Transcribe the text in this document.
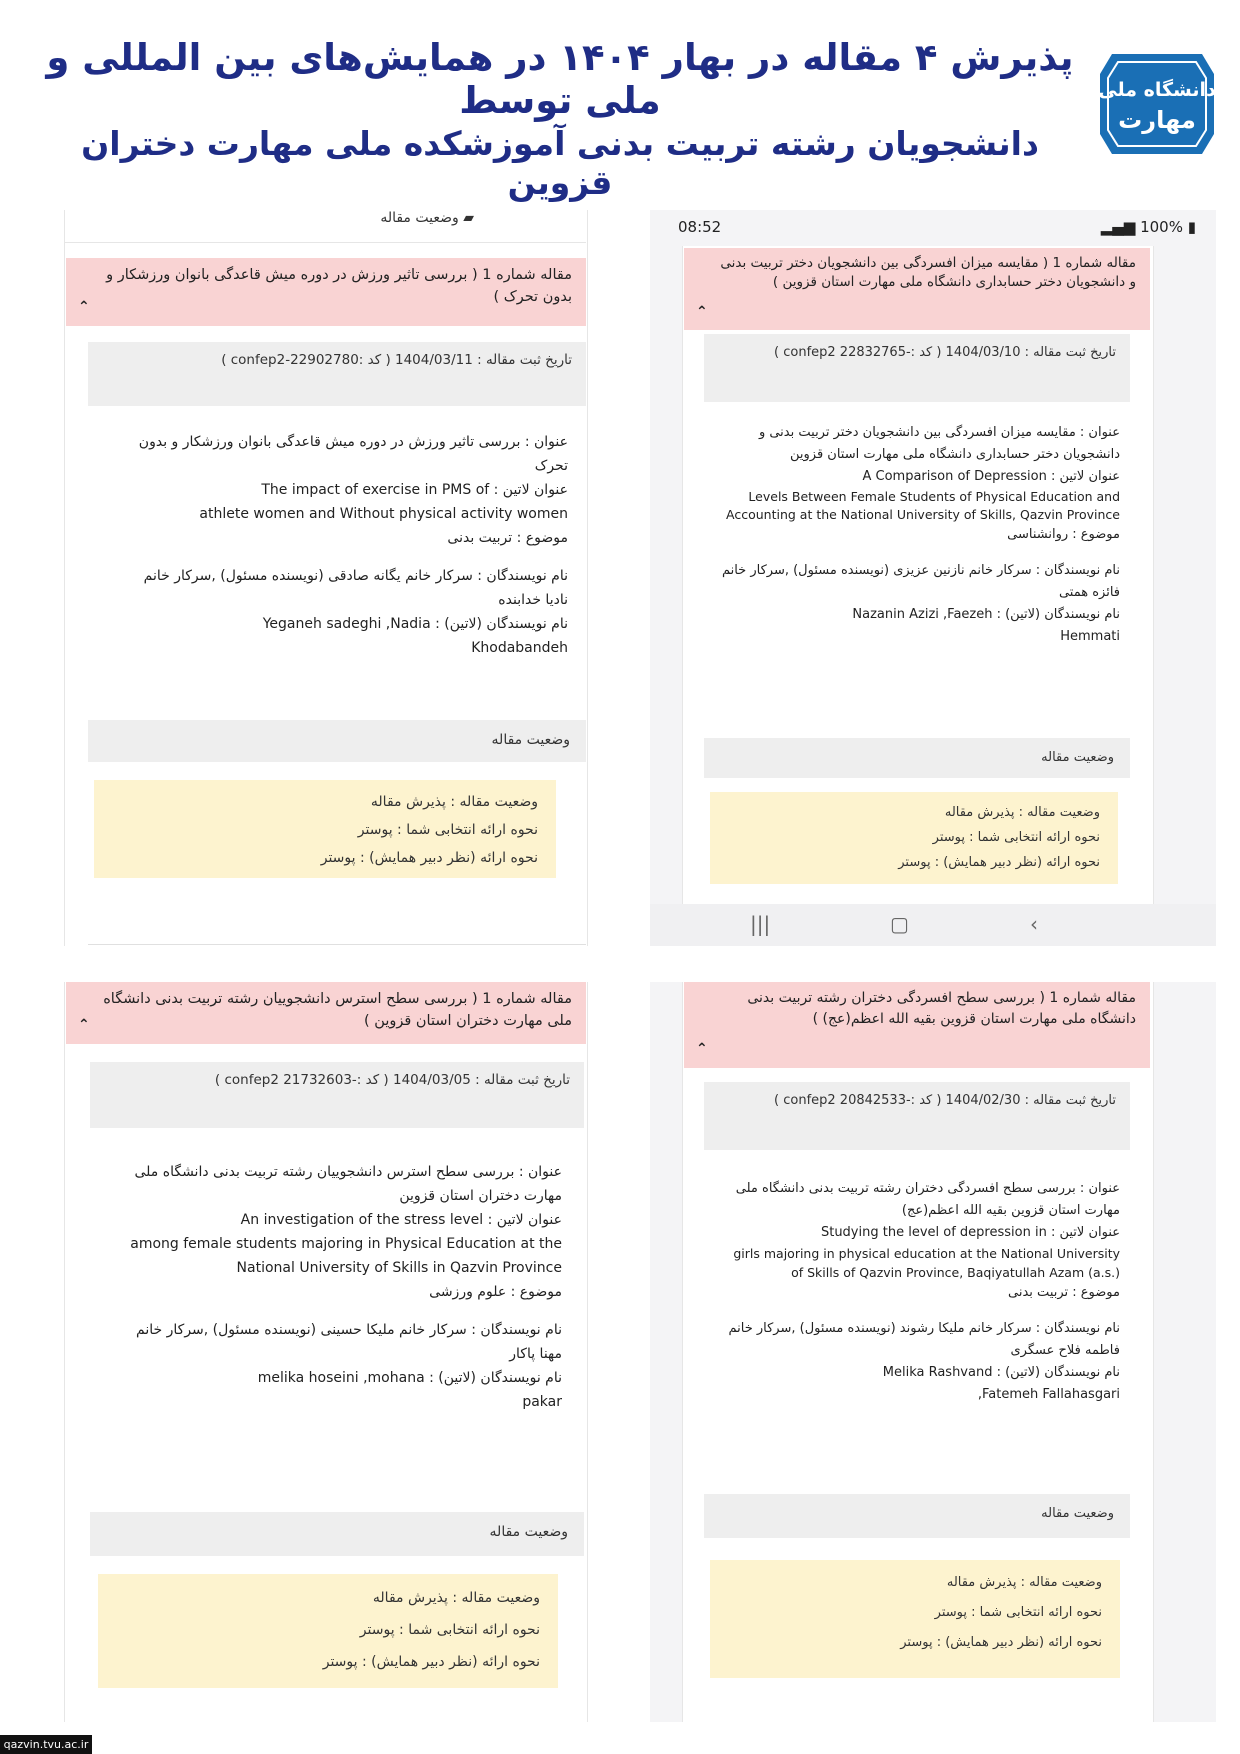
پذیرش ۴ مقاله در بهار ۱۴۰۴ در همایش‌های بین المللی و ملی توسط
دانشجویان رشته تربیت بدنی آموزشکده ملی مهارت دختران قزوین
دانشگاه ملی
مهارت
▰ وضعیت مقاله
مقاله شماره 1 ( بررسی تاثیر ورزش در دوره میش قاعدگی بانوان ورزشکار و بدون تحرک )
⌃
تاریخ ثبت مقاله : 1404/03/11 ( کد :confep2-22902780 )

عنوان : بررسی تاثیر ورزش در دوره میش قاعدگی بانوان ورزشکار و بدون تحرک

عنوان لاتین : The impact of exercise in PMS of

athlete women and Without physical activity women

موضوع : تربیت بدنی

نام نویسندگان : سرکار خانم یگانه صادقی (نویسنده مسئول) ,سرکار خانم نادیا خدابنده

نام نویسندگان (لاتین) : Yeganeh sadeghi ,Nadia

Khodabandeh

وضعیت مقاله
وضعیت مقاله : پذیرش مقاله
نحوه ارائه انتخابی شما : پوستر
نحوه ارائه (نظر دبیر همایش) : پوستر
08:52	▂▄▆ 100% ▮
مقاله شماره 1 ( مقایسه میزان افسردگی بین دانشجویان دختر تربیت بدنی و دانشجویان دختر حسابداری دانشگاه ملی مهارت استان قزوین )
⌃
تاریخ ثبت مقاله : 1404/03/10 ( کد :-confep2 22832765 )

عنوان : مقایسه میزان افسردگی بین دانشجویان دختر تربیت بدنی و دانشجویان دختر حسابداری دانشگاه ملی مهارت استان قزوین

عنوان لاتین : A Comparison of Depression

Levels Between Female Students of Physical Education and Accounting at the National University of Skills, Qazvin Province

موضوع : روانشناسی

نام نویسندگان : سرکار خانم نازنین عزیزی (نویسنده مسئول) ,سرکار خانم فائزه همتی

نام نویسندگان (لاتین) : Nazanin Azizi ,Faezeh

Hemmati

وضعیت مقاله
وضعیت مقاله : پذیرش مقاله
نحوه ارائه انتخابی شما : پوستر
نحوه ارائه (نظر دبیر همایش) : پوستر
|||	▢	‹
مقاله شماره 1 ( بررسی سطح استرس دانشجوییان رشته تربیت بدنی دانشگاه ملی مهارت دختران استان قزوین )
⌃
تاریخ ثبت مقاله : 1404/03/05 ( کد :-confep2 21732603 )

عنوان : بررسی سطح استرس دانشجوییان رشته تربیت بدنی دانشگاه ملی مهارت دختران استان قزوین

عنوان لاتین : An investigation of the stress level

among female students majoring in Physical Education at the National University of Skills in Qazvin Province

موضوع : علوم ورزشی

نام نویسندگان : سرکار خانم ملیکا حسینی (نویسنده مسئول) ,سرکار خانم مهنا پاکار

نام نویسندگان (لاتین) : melika hoseini ,mohana

pakar

وضعیت مقاله
وضعیت مقاله : پذیرش مقاله
نحوه ارائه انتخابی شما : پوستر
نحوه ارائه (نظر دبیر همایش) : پوستر
مقاله شماره 1 ( بررسی سطح افسردگی دختران رشته تربیت بدنی دانشگاه ملی مهارت استان قزوین بقیه الله اعظم(عج) )
⌃
تاریخ ثبت مقاله : 1404/02/30 ( کد :-confep2 20842533 )

عنوان : بررسی سطح افسردگی دختران رشته تربیت بدنی دانشگاه ملی مهارت استان قزوین بقیه الله اعظم(عج)

عنوان لاتین : Studying the level of depression in

girls majoring in physical education at the National University of Skills of Qazvin Province, Baqiyatullah Azam (a.s.)

موضوع : تربیت بدنی

نام نویسندگان : سرکار خانم ملیکا رشوند (نویسنده مسئول) ,سرکار خانم فاطمه فلاح عسگری

نام نویسندگان (لاتین) : Melika Rashvand

,Fatemeh Fallahasgari

وضعیت مقاله
وضعیت مقاله : پذیرش مقاله
نحوه ارائه انتخابی شما : پوستر
نحوه ارائه (نظر دبیر همایش) : پوستر
qazvin.tvu.ac.ir
